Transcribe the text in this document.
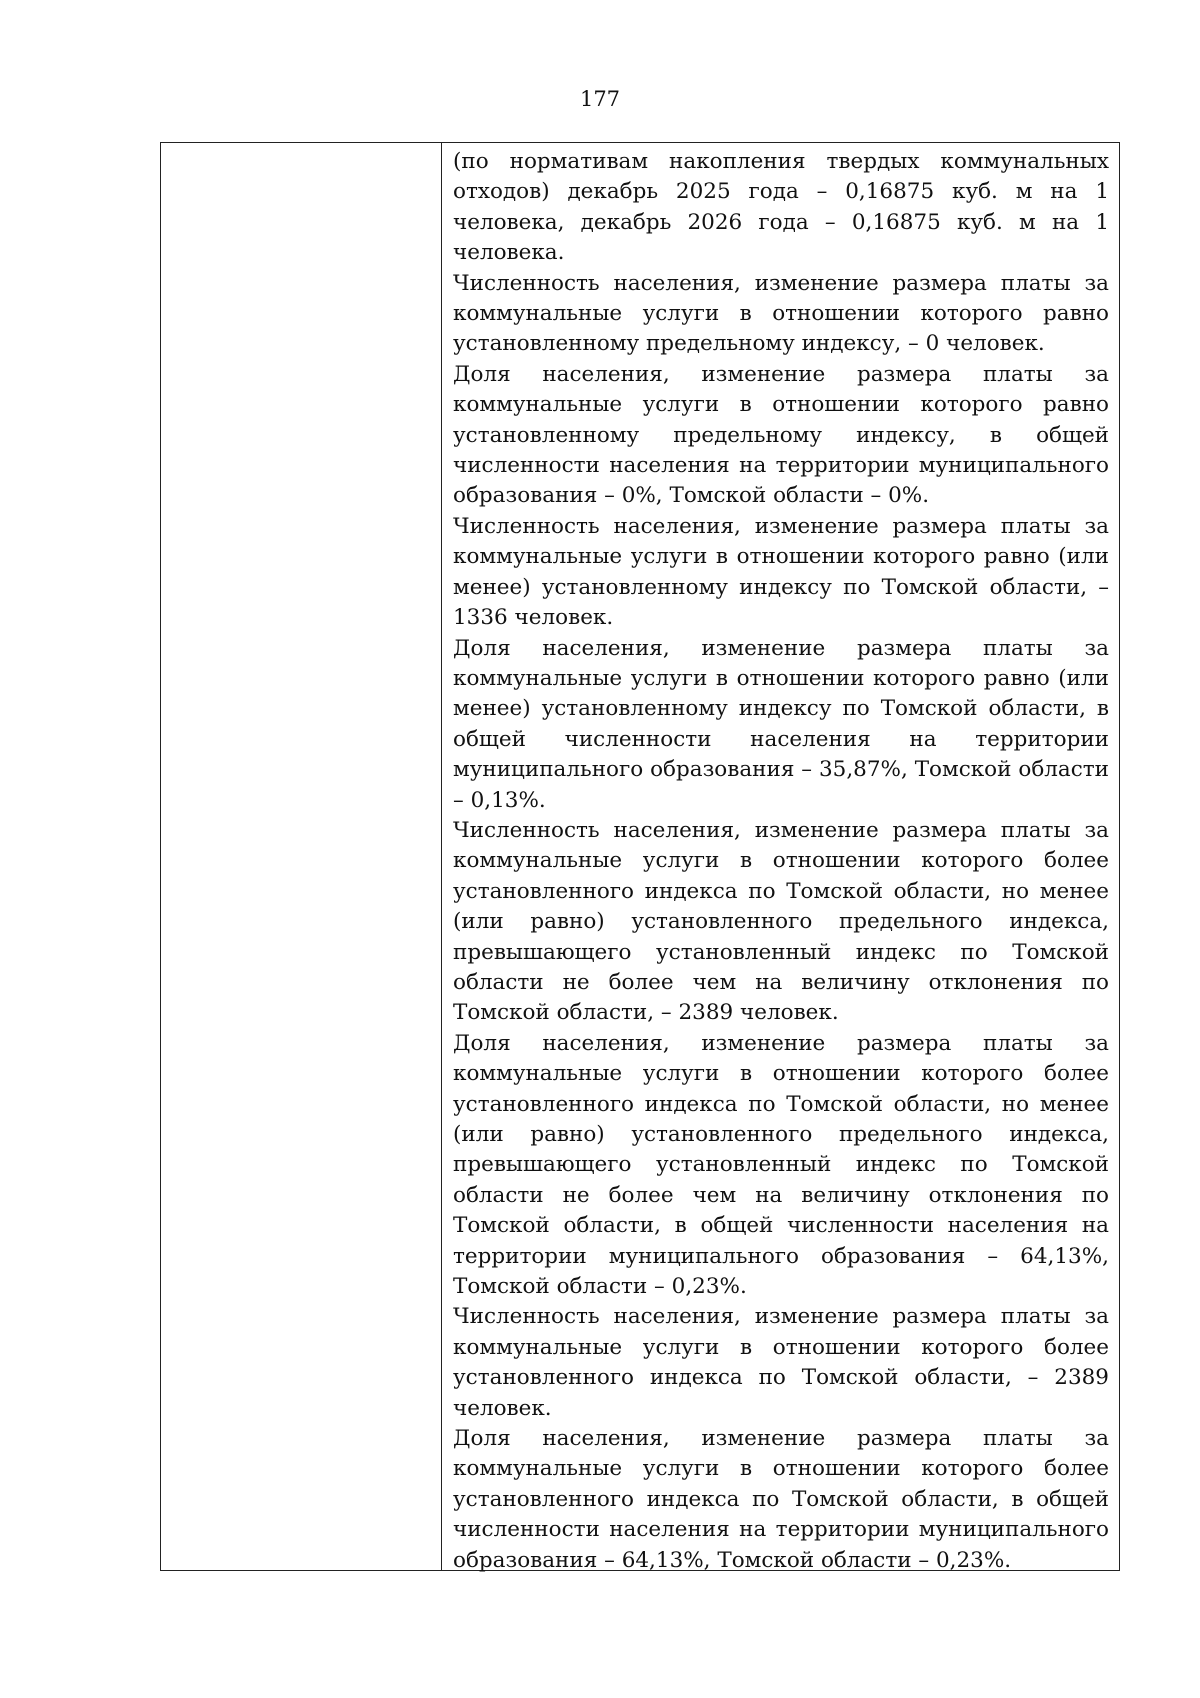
177

(по нормативам накопления твердых коммунальных отходов) декабрь 2025 года – 0,16875 куб. м на 1 человека, декабрь 2026 года – 0,16875 куб. м на 1 человека.

Численность населения, изменение размера платы за коммунальные услуги в отношении которого равно установленному предельному индексу, – 0 человек.

Доля населения, изменение размера платы за коммунальные услуги в отношении которого равно установленному предельному индексу, в общей численности населения на территории муниципального образования – 0%, Томской области – 0%.

Численность населения, изменение размера платы за коммунальные услуги в отношении которого равно (или менее) установленному индексу по Томской области, – 1336 человек.

Доля населения, изменение размера платы за коммунальные услуги в отношении которого равно (или менее) установленному индексу по Томской области, в общей численности населения на территории муниципального образования – 35,87%, Томской области – 0,13%.

Численность населения, изменение размера платы за коммунальные услуги в отношении которого более установленного индекса по Томской области, но менее (или равно) установленного предельного индекса, превышающего установленный индекс по Томской области не более чем на величину отклонения по Томской области, – 2389 человек.

Доля населения, изменение размера платы за коммунальные услуги в отношении которого более установленного индекса по Томской области, но менее (или равно) установленного предельного индекса, превышающего установленный индекс по Томской области не более чем на величину отклонения по Томской области, в общей численности населения на территории муниципального образования – 64,13%, Томской области – 0,23%.

Численность населения, изменение размера платы за коммунальные услуги в отношении которого более установленного индекса по Томской области, – 2389 человек.

Доля населения, изменение размера платы за коммунальные услуги в отношении которого более установленного индекса по Томской области, в общей численности населения на территории муниципального образования – 64,13%, Томской области – 0,23%.
